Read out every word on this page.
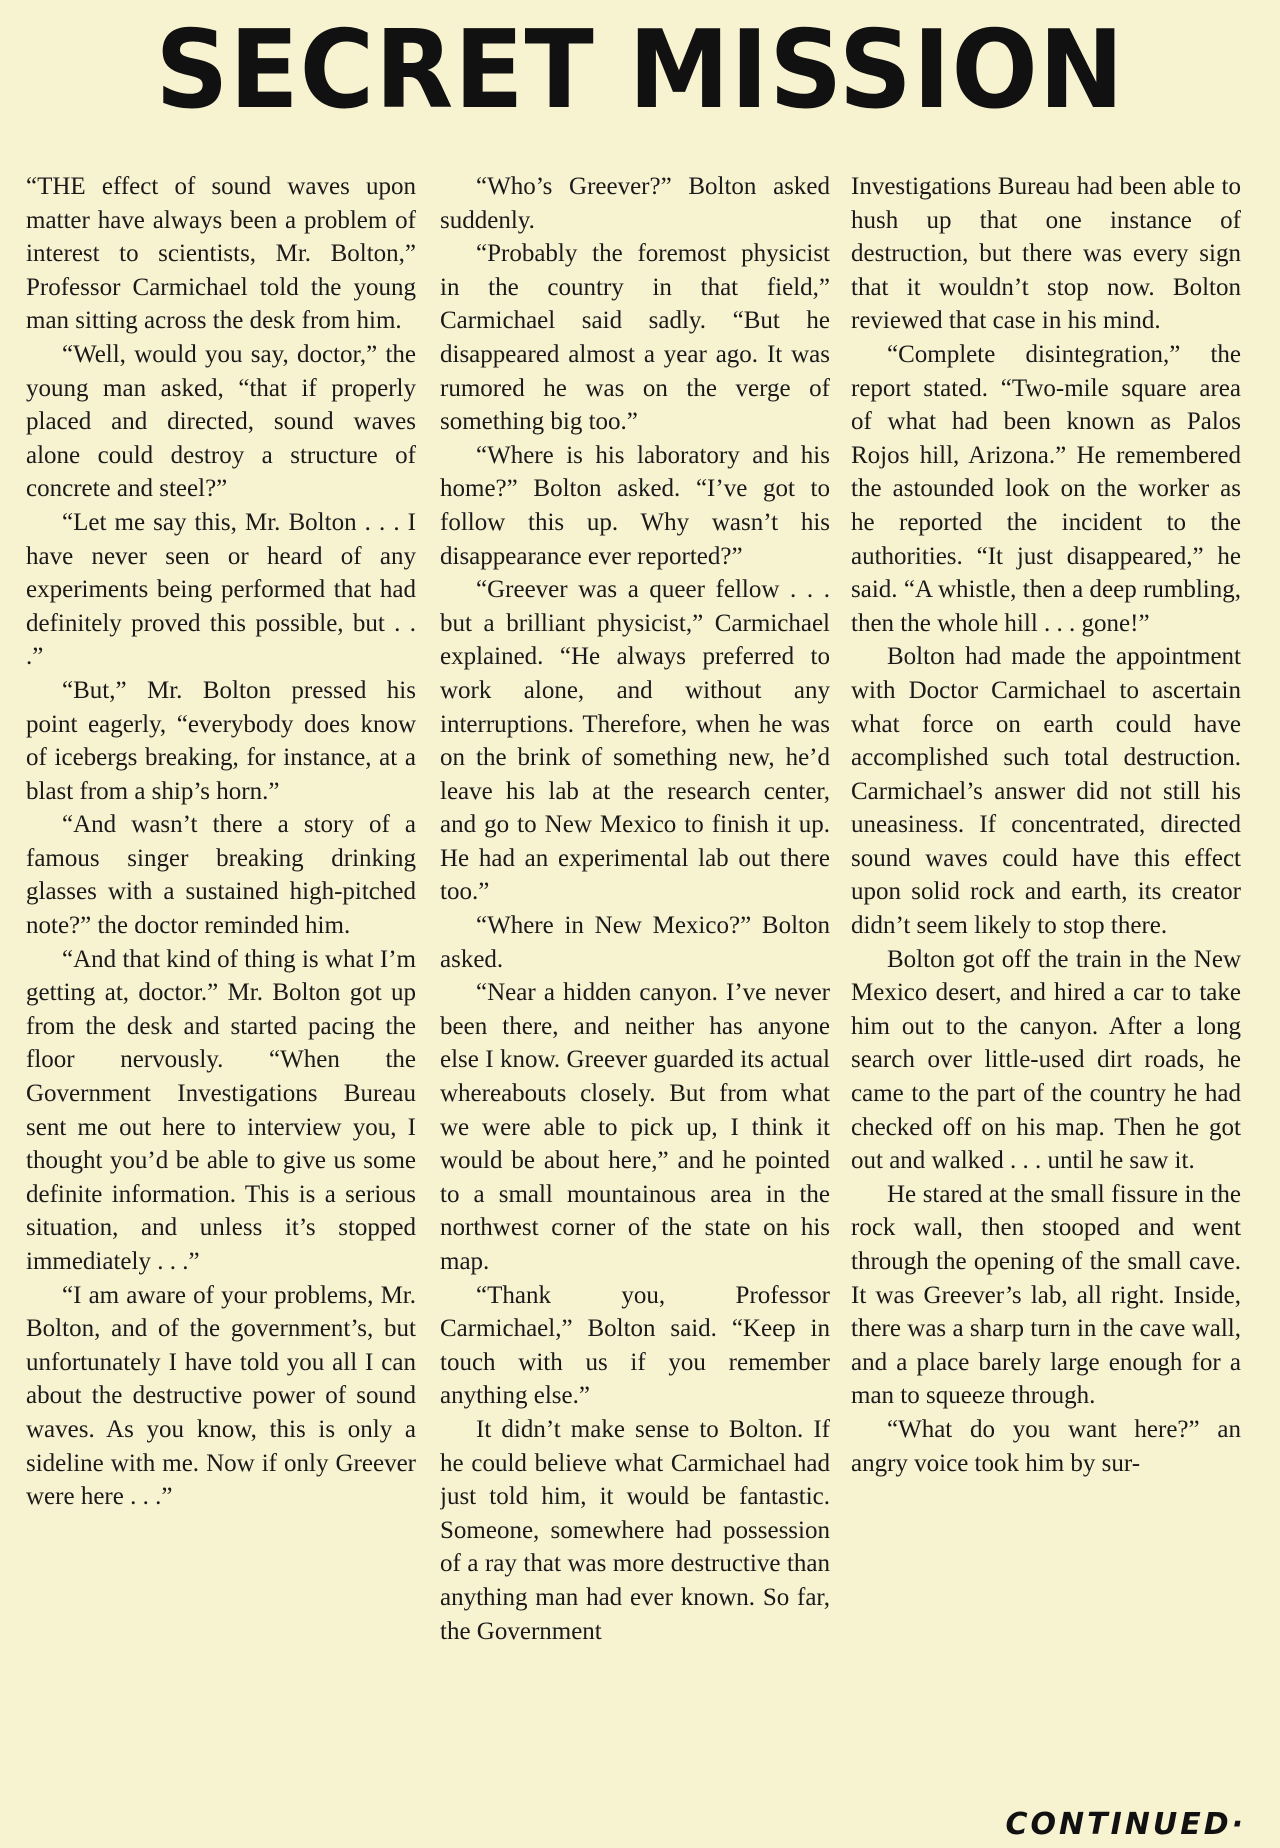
SECRET MISSION

“THE effect of sound waves upon matter have always been a problem of interest to scientists, Mr. Bolton,” Professor Carmichael told the young man sitting across the desk from him.

“Well, would you say, doctor,” the young man asked, “that if properly placed and directed, sound waves alone could destroy a structure of concrete and steel?”

“Let me say this, Mr. Bolton . . . I have never seen or heard of any experiments being performed that had definitely proved this possible, but . . .”

“But,” Mr. Bolton pressed his point eagerly, “everybody does know of icebergs breaking, for instance, at a blast from a ship’s horn.”

“And wasn’t there a story of a famous singer breaking drinking glasses with a sustained high-pitched note?” the doctor reminded him.

“And that kind of thing is what I’m getting at, doctor.” Mr. Bolton got up from the desk and started pacing the floor nervously. “When the Government Investigations Bureau sent me out here to interview you, I thought you’d be able to give us some definite information. This is a serious situation, and unless it’s stopped immediately . . .”

“I am aware of your problems, Mr. Bolton, and of the government’s, but unfortunately I have told you all I can about the destructive power of sound waves. As you know, this is only a sideline with me. Now if only Greever were here . . .”

“Who’s Greever?” Bolton asked suddenly.

“Probably the foremost physicist in the country in that field,” Carmichael said sadly. “But he disappeared almost a year ago. It was rumored he was on the verge of something big too.”

“Where is his laboratory and his home?” Bolton asked. “I’ve got to follow this up. Why wasn’t his disappearance ever reported?”

“Greever was a queer fellow . . . but a brilliant physicist,” Carmichael explained. “He always preferred to work alone, and without any interruptions. Therefore, when he was on the brink of something new, he’d leave his lab at the research center, and go to New Mexico to finish it up. He had an experimental lab out there too.”

“Where in New Mexico?” Bolton asked.

“Near a hidden canyon. I’ve never been there, and neither has anyone else I know. Greever guarded its actual whereabouts closely. But from what we were able to pick up, I think it would be about here,” and he pointed to a small mountainous area in the northwest corner of the state on his map.

“Thank you, Professor Carmichael,” Bolton said. “Keep in touch with us if you remember anything else.”

It didn’t make sense to Bolton. If he could believe what Carmichael had just told him, it would be fantastic. Someone, somewhere had possession of a ray that was more destructive than anything man had ever known. So far, the Government

Investigations Bureau had been able to hush up that one instance of destruction, but there was every sign that it wouldn’t stop now. Bolton reviewed that case in his mind.

“Complete disintegration,” the report stated. “Two-mile square area of what had been known as Palos Rojos hill, Arizona.” He remembered the astounded look on the worker as he reported the incident to the authorities. “It just disappeared,” he said. “A whistle, then a deep rumbling, then the whole hill . . . gone!”

Bolton had made the appointment with Doctor Carmichael to ascertain what force on earth could have accomplished such total destruction. Carmichael’s answer did not still his uneasiness. If concentrated, directed sound waves could have this effect upon solid rock and earth, its creator didn’t seem likely to stop there.

Bolton got off the train in the New Mexico desert, and hired a car to take him out to the canyon. After a long search over little-used dirt roads, he came to the part of the country he had checked off on his map. Then he got out and walked . . . until he saw it.

He stared at the small fissure in the rock wall, then stooped and went through the opening of the small cave. It was Greever’s lab, all right. Inside, there was a sharp turn in the cave wall, and a place barely large enough for a man to squeeze through.

“What do you want here?” an angry voice took him by sur-

CONTINUED·
